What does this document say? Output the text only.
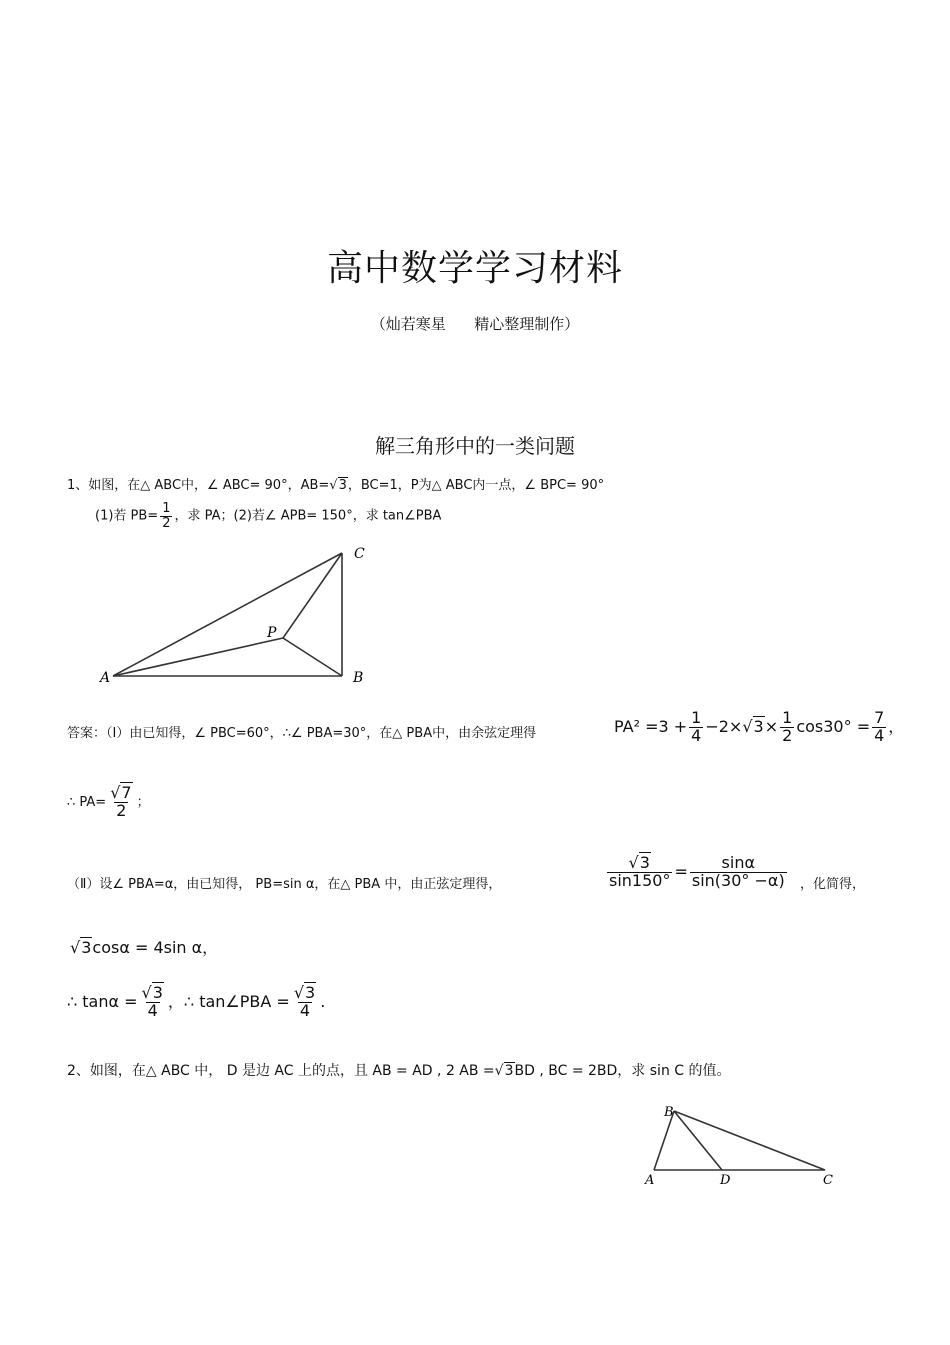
高中数学学习材料
（灿若寒星      精心整理制作）
解三角形中的一类问题
1、如图，在△ ABC中，∠ ABC= 90°，AB=√3，BC=1，P为△ ABC内一点，∠ BPC= 90°
(1)若 $PB= \frac{1}{2}$ ，求 PA；(2)若∠ APB= 150°，求 tan∠PBA
A	B
C
P
答案：（Ⅰ）由已知得，∠ PBC=60°，∴∠ PBA=30°，在△ PBA中，由余弦定理得	$PA^2 =3 + \frac{1}{4} -2\times√3\times \frac{1}{2} \cos 30^\circ = \frac{7}{4}$ ，
∴ $PA= \frac{√7}{2}$ ；
（Ⅱ）设∠ PBA=α，由已知得， PB=sin α，在△ PBA 中，由正弦定理得，	$\frac{√3}{\sin 150^\circ} = \frac{\sin\alpha}{\sin(30^\circ -\alpha)}$ ，化简得，
√3cosα = 4sin α，
∴ $\tan\alpha = \frac{√3}{4}$ ，∴ tan∠PBA = $\frac{√3}{4}$ .
2、如图，在△ ABC 中， D 是边 AC 上的点，且 AB = AD , 2 AB =√3BD , BC = 2BD，求 sin C 的值。
B
A	D	C
